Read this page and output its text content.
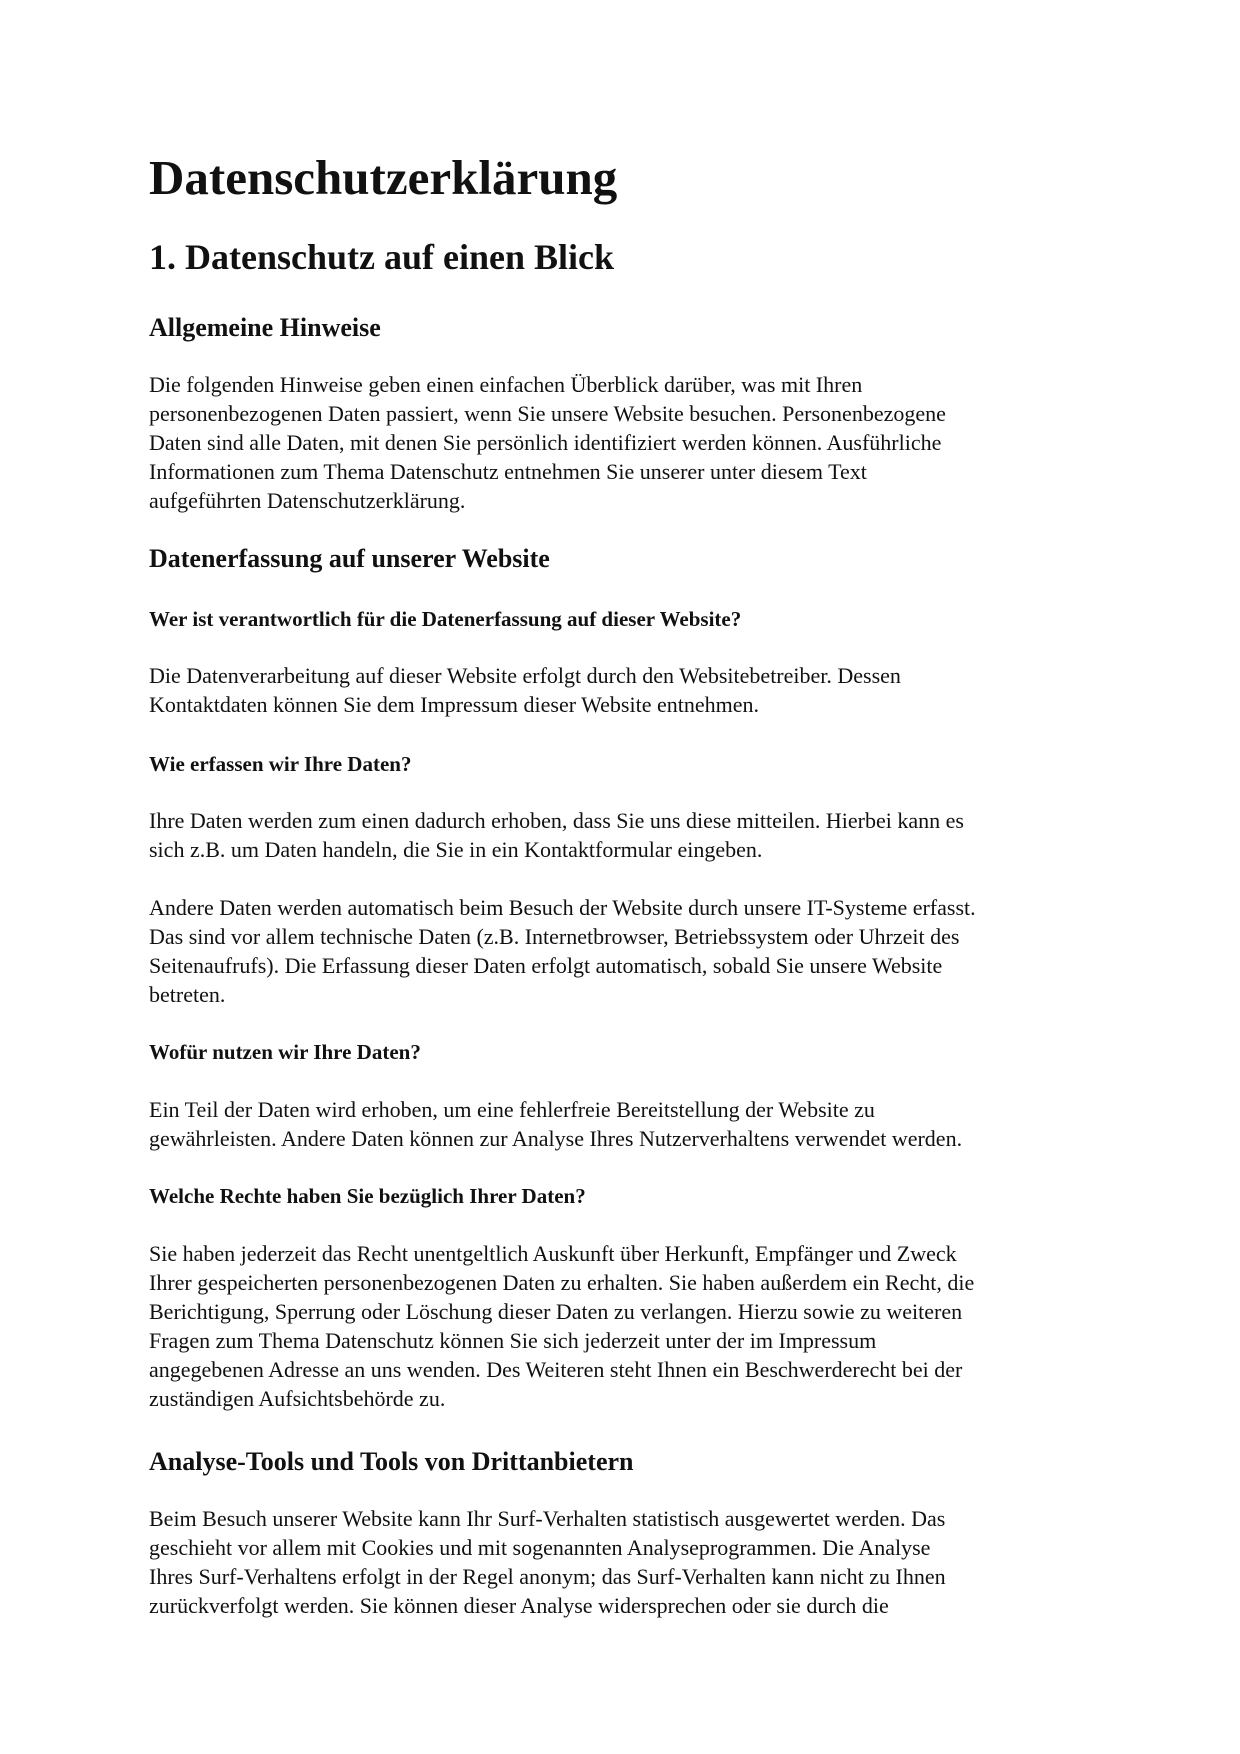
Datenschutzerklärung
1. Datenschutz auf einen Blick
Allgemeine Hinweise
Die folgenden Hinweise geben einen einfachen Überblick darüber, was mit Ihren
personenbezogenen Daten passiert, wenn Sie unsere Website besuchen. Personenbezogene
Daten sind alle Daten, mit denen Sie persönlich identifiziert werden können. Ausführliche
Informationen zum Thema Datenschutz entnehmen Sie unserer unter diesem Text
aufgeführten Datenschutzerklärung.
Datenerfassung auf unserer Website
Wer ist verantwortlich für die Datenerfassung auf dieser Website?
Die Datenverarbeitung auf dieser Website erfolgt durch den Websitebetreiber. Dessen
Kontaktdaten können Sie dem Impressum dieser Website entnehmen.
Wie erfassen wir Ihre Daten?
Ihre Daten werden zum einen dadurch erhoben, dass Sie uns diese mitteilen. Hierbei kann es
sich z.B. um Daten handeln, die Sie in ein Kontaktformular eingeben.
Andere Daten werden automatisch beim Besuch der Website durch unsere IT-Systeme erfasst.
Das sind vor allem technische Daten (z.B. Internetbrowser, Betriebssystem oder Uhrzeit des
Seitenaufrufs). Die Erfassung dieser Daten erfolgt automatisch, sobald Sie unsere Website
betreten.
Wofür nutzen wir Ihre Daten?
Ein Teil der Daten wird erhoben, um eine fehlerfreie Bereitstellung der Website zu
gewährleisten. Andere Daten können zur Analyse Ihres Nutzerverhaltens verwendet werden.
Welche Rechte haben Sie bezüglich Ihrer Daten?
Sie haben jederzeit das Recht unentgeltlich Auskunft über Herkunft, Empfänger und Zweck
Ihrer gespeicherten personenbezogenen Daten zu erhalten. Sie haben außerdem ein Recht, die
Berichtigung, Sperrung oder Löschung dieser Daten zu verlangen. Hierzu sowie zu weiteren
Fragen zum Thema Datenschutz können Sie sich jederzeit unter der im Impressum
angegebenen Adresse an uns wenden. Des Weiteren steht Ihnen ein Beschwerderecht bei der
zuständigen Aufsichtsbehörde zu.
Analyse-Tools und Tools von Drittanbietern
Beim Besuch unserer Website kann Ihr Surf-Verhalten statistisch ausgewertet werden. Das
geschieht vor allem mit Cookies und mit sogenannten Analyseprogrammen. Die Analyse
Ihres Surf-Verhaltens erfolgt in der Regel anonym; das Surf-Verhalten kann nicht zu Ihnen
zurückverfolgt werden. Sie können dieser Analyse widersprechen oder sie durch die
